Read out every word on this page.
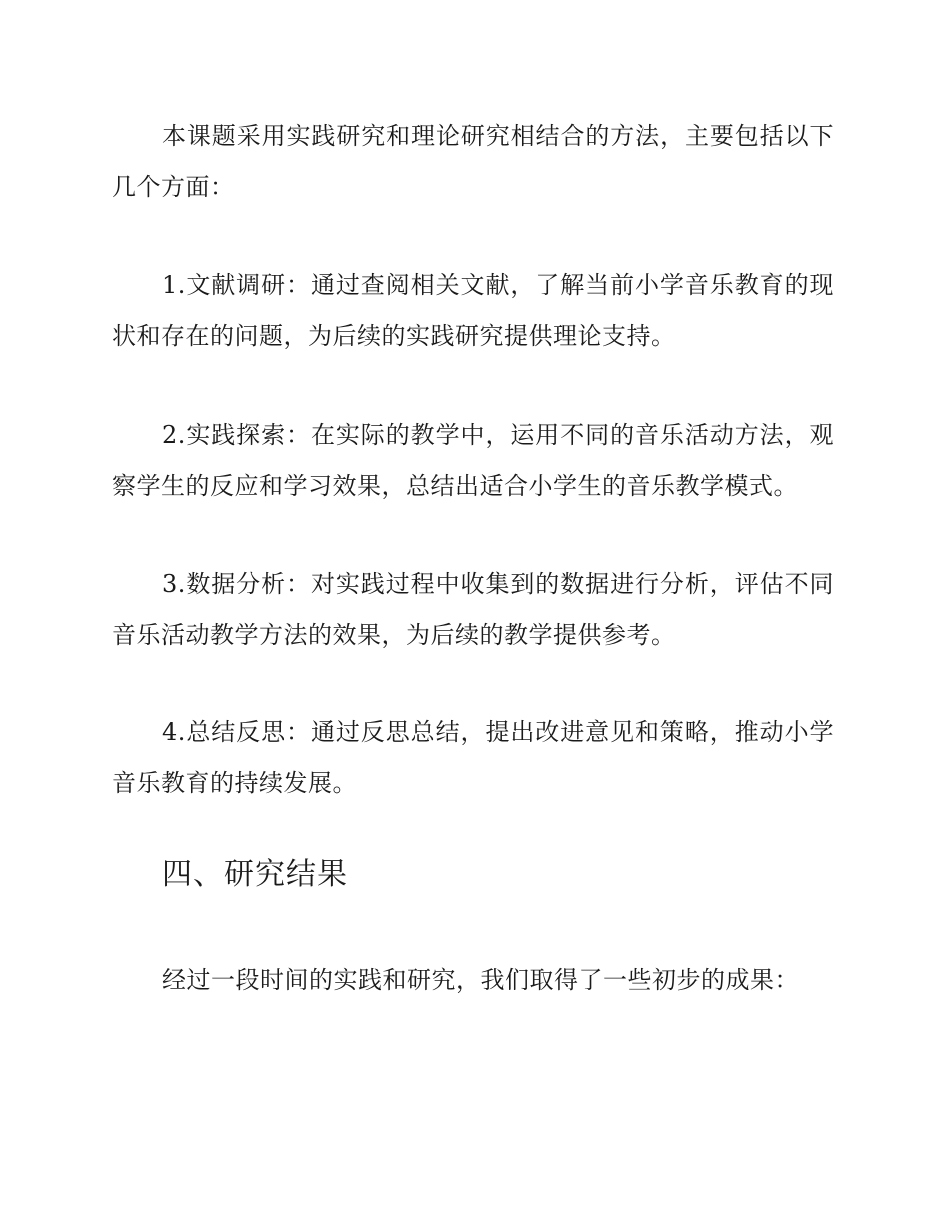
本课题采用实践研究和理论研究相结合的方法，主要包括以下几个方面：

1.文献调研：通过查阅相关文献，了解当前小学音乐教育的现状和存在的问题，为后续的实践研究提供理论支持。

2.实践探索：在实际的教学中，运用不同的音乐活动方法，观察学生的反应和学习效果，总结出适合小学生的音乐教学模式。

3.数据分析：对实践过程中收集到的数据进行分析，评估不同音乐活动教学方法的效果，为后续的教学提供参考。

4.总结反思：通过反思总结，提出改进意见和策略，推动小学音乐教育的持续发展。

四、研究结果

经过一段时间的实践和研究，我们取得了一些初步的成果：
